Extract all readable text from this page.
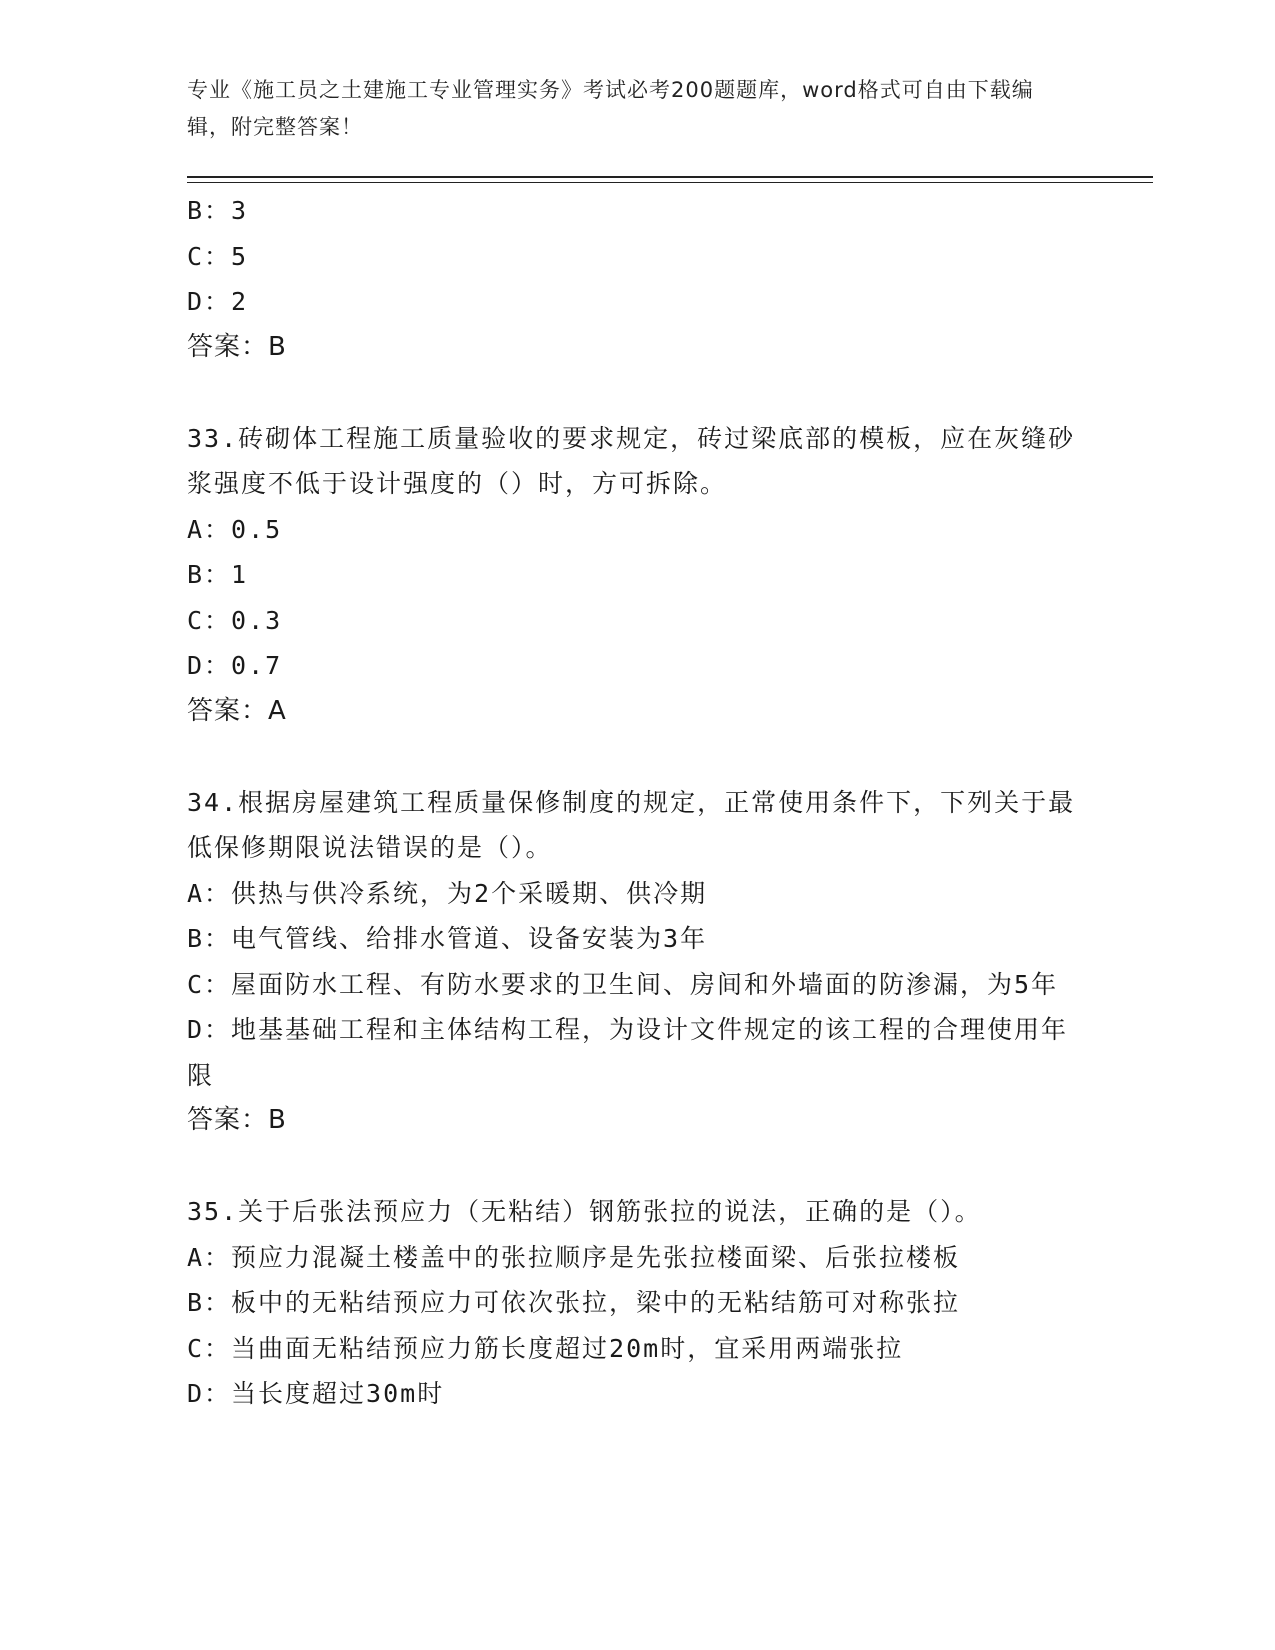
专业《施工员之土建施工专业管理实务》考试必考200题题库，word格式可自由下载编辑，附完整答案！

B：3

C：5

D：2

答案：B

33.砖砌体工程施工质量验收的要求规定，砖过梁底部的模板，应在灰缝砂浆强度不低于设计强度的（）时，方可拆除。

A：0.5

B：1

C：0.3

D：0.7

答案：A

34.根据房屋建筑工程质量保修制度的规定，正常使用条件下，下列关于最低保修期限说法错误的是（）。

A：供热与供冷系统，为2个采暖期、供冷期

B：电气管线、给排水管道、设备安装为3年

C：屋面防水工程、有防水要求的卫生间、房间和外墙面的防渗漏，为5年

D：地基基础工程和主体结构工程，为设计文件规定的该工程的合理使用年限

答案：B

35.关于后张法预应力（无粘结）钢筋张拉的说法，正确的是（）。

A：预应力混凝土楼盖中的张拉顺序是先张拉楼面梁、后张拉楼板

B：板中的无粘结预应力可依次张拉，梁中的无粘结筋可对称张拉

C：当曲面无粘结预应力筋长度超过20m时，宜采用两端张拉

D：当长度超过30m时
